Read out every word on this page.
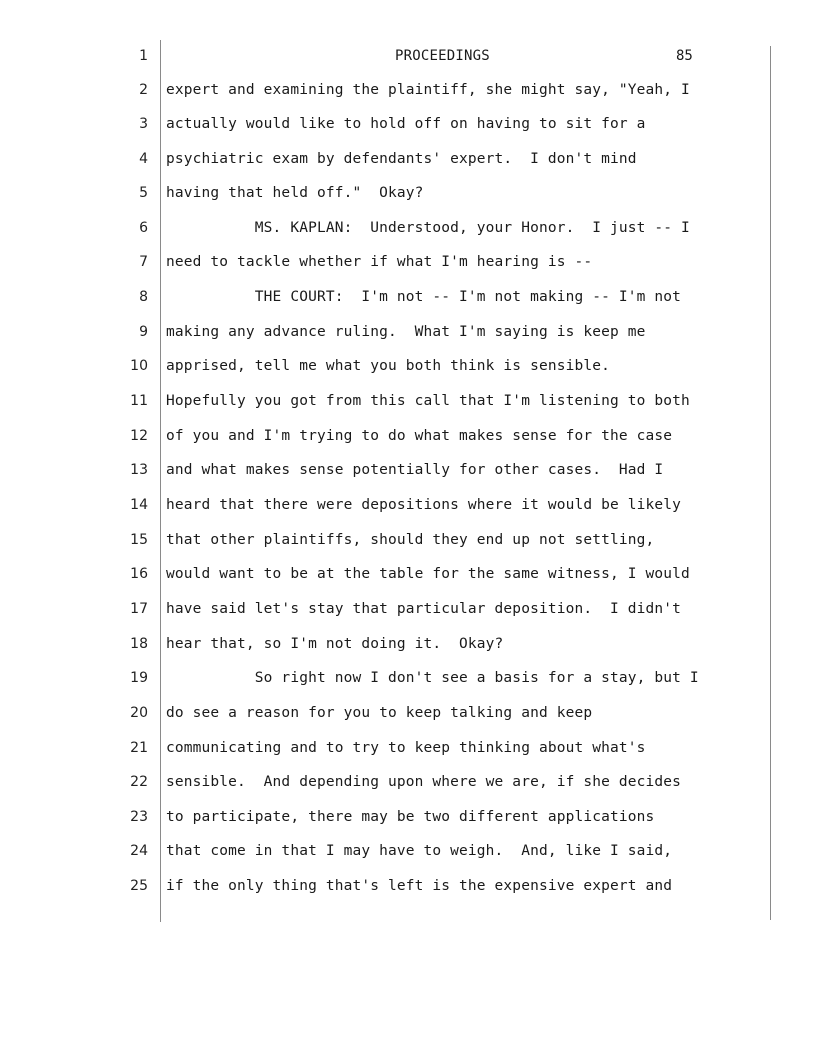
1	PROCEEDINGS	85
2 expert and examining the plaintiff, she might say, "Yeah, I
3 actually would like to hold off on having to sit for a
4 psychiatric exam by defendants' expert.  I don't mind
5 having that held off."  Okay?
6 MS. KAPLAN:  Understood, your Honor.  I just -- I
7 need to tackle whether if what I'm hearing is --
8 THE COURT:  I'm not -- I'm not making -- I'm not
9 making any advance ruling.  What I'm saying is keep me
10 apprised, tell me what you both think is sensible.
11 Hopefully you got from this call that I'm listening to both
12 of you and I'm trying to do what makes sense for the case
13 and what makes sense potentially for other cases.  Had I
14 heard that there were depositions where it would be likely
15 that other plaintiffs, should they end up not settling,
16 would want to be at the table for the same witness, I would
17 have said let's stay that particular deposition.  I didn't
18 hear that, so I'm not doing it.  Okay?
19 So right now I don't see a basis for a stay, but I
20 do see a reason for you to keep talking and keep
21 communicating and to try to keep thinking about what's
22 sensible.  And depending upon where we are, if she decides
23 to participate, there may be two different applications
24 that come in that I may have to weigh.  And, like I said,
25 if the only thing that's left is the expensive expert and
